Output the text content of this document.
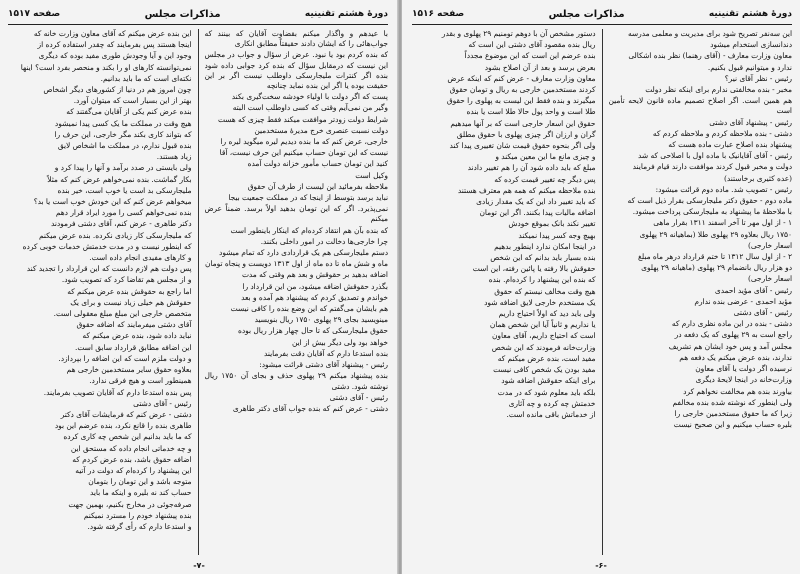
دورهٔ هشتم تقنینیه
مذاکرات مجلس
صفحه ۱۵۱۷

با عیدهم و واگذار میکنم بقضاوت آقایان که بینند که جواب‌هائی را که ایشان دادند حقیقتاً مطابق انکاری

که بنده کردم بود یا نبود. عرض از سؤال و جواب در مجلس این نیست که درمقابل سؤال که بنده کرد جوابی داده شود بنده اگر کنترات ملیجارسکی داوطلب نیست اگر بر این حقیقت بوده یا اگر این بنده نماید چنانچه

پست که اگر دولت با اولیاء خودشه سخت‌گیری بکند

وگیر من نمی‌آیم وقتی که کسی داوطلب است البته

شرایط دولت زودتر موافقت میکند فقط چیزی که هست

دولت نسبت عنصری خرج مدیرهٔ مستخدمین

خارجی، عرض کنم که ما بنده دیدیم لیره میگوید لیره را

نیست که این تومان حساب میکنیم این حرف نیست، آقا

کنید این تومان حساب مأمور خزانه دولت آمده

وکیل است

ملاحظه بفرمائید این لیست از طرف آن حقوق

نباید برسد بتوسط از اینجا که در مملکت جمعیت بیجا

نمی‌پذیرد. اگر که این تومان بدهید اولاً برسد. ضمناً عرض میکنم

که بنده بآن هم انتقاد کرده‌ام که اینکار باینطور است

چرا خارجی‌ها دخالت در امور داخلی بکنند.

دستم ملیجارسکی هم یک قراردادی دارد که تمام میشود

ماه و شش ماه تا ده ماه از اول ۱۳۱۳ دویست و پنجاه تومان

اضافه بدهید بر حقوقش و بعد هم وقتی که مدت

بگذرد حقوقش اضافه میشود، من این قرارداد را

خواندم و تصدیق کردم که پیشنهاد هم آمده و بعد

هم بایشان می‌گفتم که این وضع بنده را کافی نیست

مینویسید بجای ۲۹ پهلوی ۱۷۵۰ ریال بنویسید

حقوق ملیجارسکی که تا حال چهار هزار ریال بوده

خواهد بود ولی دیگر بیش از این

بنده استدعا دارم که آقایان دقت بفرمایند

رئیس - پیشنهاد آقای دشتی قرائت میشود:

بنده پیشنهاد میکنم ۲۹ پهلوی حذف و بجای آن ۱۷۵۰ ریال نوشته شود. دشتی

رئیس - آقای دشتی

دشتی - عرض کنم که بنده جواب آقای دکتر طاهری

این بنده عرض میکنم که آقای معاون وزارت خانه که

اینجا هستند پس بفرمایند که چقدر استفاده کرده از

وجود این و آیا وجودش طوری مفید بوده که دیگری

نمی‌توانسته کارهای او را بکند و منحصر بفرد است؟ اینها

نکته‌ای است که ما باید بدانیم.

چون امروز هم در دنیا از کشورهای دیگر اشخاص

بهتر از این بسیار است که میتوان آورد.

بنده عرض کنم یکی از آقایان می‌گفتند که

هیچ وقت در مملکت ما یک کسی پیدا نمیشود

که بتواند کاری بکند مگر خارجی، این حرف را

بنده قبول ندارم، در مملکت ما اشخاص لایق

زیاد هستند.

ولی بایستی در صدد برآمد و آنها را پیدا کرد و

بکار گماشت. بنده نمی‌خواهم عرض کنم که مثلاً

ملیجارسکی بد است یا خوب است، خیر بنده

میخواهم عرض کنم که این خودش خوب است یا بد؟

بنده نمی‌خواهم کسی را مورد ایراد قرار دهم

دکتر طاهری - عرض کنم، آقای دشتی فرمودند

که ملیجارسکی کار زیادی نکرده. بنده عرض میکنم

که اینطور نیست و در مدت خدمتش خدمات خوبی کرده

و کارهای مفیدی انجام داده است.

پس دولت هم لازم دانست که این قرارداد را تجدید کند

و از مجلس هم تقاضا کرد که تصویب شود.

اما راجع به حقوقش بنده عرض میکنم که

حقوقش هم خیلی زیاد نیست و برای یک

متخصص خارجی این مبلغ مبلغ معقولی است.

آقای دشتی میفرمایند که اضافه حقوق

نباید داده شود، بنده عرض میکنم که

این اضافه مطابق قرارداد سابق است.

و دولت ملزم است که این اضافه را بپردازد.

بعلاوه حقوق سایر مستخدمین خارجی هم

همینطور است و هیچ فرقی ندارد.

پس بنده استدعا دارم که آقایان تصویب بفرمایند.

رئیس - آقای دشتی

دشتی - عرض کنم که فرمایشات آقای دکتر

طاهری بنده را قانع نکرد، بنده عرضم این بود

که ما باید بدانیم این شخص چه کاری کرده

و چه خدماتی انجام داده که مستحق این

اضافه حقوق باشد، بنده عرض کردم که

این پیشنهاد را کرده‌ام که دولت در آتیه

متوجه باشد و این تومان را بتومان

حساب کند نه بلیره و اینکه ما باید

صرفه‌جوئی در مخارج بکنیم، بهمین جهت

بنده پیشنهاد خودم را مسترد نمیکنم

و استدعا دارم که رأی گرفته شود.

-۷-
دورهٔ هشتم تقنینیه
مذاکرات مجلس
صفحه ۱۵۱۶

این سه‌نفر تصریح شود برای مدیریت و معلمی مدرسه

دندانسازی استخدام میشود

معاون وزارت معارف - (آقای رهنما) نظر بنده اشکالی

ندارد و میتوانیم قبول بکنیم.

رئیس - نظر آقای نیر؟

مخبر - بنده مخالفتی ندارم برای اینکه نظر دولت

هم همین است. اگر اصلاح تصمیم ماده قانون لایحه تأمین است

رئیس - پیشنهاد آقای دشتی

دشتی - بنده ملاحظه کردم و ملاحظه کردم که

پیشنهاد بنده اصلاح عبارت ماده هست که

رئیس - آقای آقایانیک با ماده اول با اصلاحی که شد

دولت و مخبر قبول کردند موافقت دارند قیام فرمایند

(عده کثیری برخاستند)

رئیس - تصویب شد. ماده دوم قرائت میشود:

ماده دوم - حقوق دکتر ملیجارسکی بقرار ذیل است که

با ملاحظهٔ ما پیشنهاد به ملیجارسکی پرداخت میشود.

۱ - از اول مهر تا آخر اسفند ۱۳۱۱ بقرار ماهی

۱۷۵۰ ریال بعلاوه ۲۹ پهلوی طلا (بماهیانه ۲۹ پهلوی

اسعار خارجی)

۲ - از اول سال ۱۳۱۲ تا ختم قرارداد درهر ماه مبلغ

دو هزار ریال بانضمام ۲۹ پهلوی (ماهیانه ۲۹ پهلوی

اسعار خارجی)

رئیس - آقای مؤید احمدی

مؤید احمدی - عرضی بنده ندارم

رئیس - آقای دشتی

دشتی - بنده در این ماده نظری دارم که

راجع است به ۲۹ پهلوی که یک دفعه در

مجلس آمد و پس خود ایشان هم تشریف

ندارند، بنده عرض میکنم یک دفعه هم

نرسیده اگر دولت یا آقای معاون

وزارت‌خانه در اینجا لایحهٔ دیگری

بیاورند بنده هم مخالفت نخواهم کرد

ولی اینطور که نوشته شده بنده مخالفم

زیرا که ما حقوق مستخدمین خارجی را

بلیره حساب میکنیم و این صحیح نیست

دستور مشخص آن با دوهم تومنیم ۲۹ پهلوی و بقدر

ریال بنده مقصود آقای دشتی این است که

بنده عرضم این است که این موضوع مجدداً

بعرض برسد و بعد از آن اصلاح بشود

معاون وزارت معارف - عرض کنم که اینکه عرض

کردند مستخدمین خارجی به ریال و تومان حقوق

میگیرند و بنده فقط این لیست به پهلوی را حقوق

طلا است و واحد پول حالا طلا است یا بنده

حقوق این اسعار خارجی است که بر آنها میدهیم

گران و ارزان اگر چیزی پهلوی با حقوق مطلق

ولی اگر بنحوه حقوق قیمت شان تغییری پیدا کند

و چیزی مانع ما این معین میکند و

مبلغ که باید داده شود آن را هم تغییر دادند

پس دیگر چه تغییر قیمت کرده که

بنده ملاحظه میکنم که همه هم معترف هستند

که باید تغییر داد این که یک مقدار زیادی

اضافه مالیات پیدا بکنند. اگر این تومان

تغییر نکند بانک بموقع خودش

بهیچ وجه کسر پیدا نمیکند

در اینجا امکان ندارد اینطور بدهیم

بنده بسیار باید بدانم که این شخص

حقوقش بالا رفته یا پائین رفته، این است

که بنده این پیشنهاد را کرده‌ام. بنده

هیچ وقت مخالف نیستم که حقوق

یک مستخدم خارجی لایق اضافه شود

ولی باید دید که اولاً احتیاج داریم

یا نداریم و ثانیاً آیا این شخص همان

است که احتیاج داریم، آقای معاون

وزارت‌خانه فرمودند که این شخص

مفید است، بنده عرض میکنم که

مفید بودن یک شخص کافی نیست

برای اینکه حقوقش اضافه شود

بلکه باید معلوم شود که در مدت

خدمتش چه کرده و چه آثاری

از خدماتش باقی مانده است.

-۶-
